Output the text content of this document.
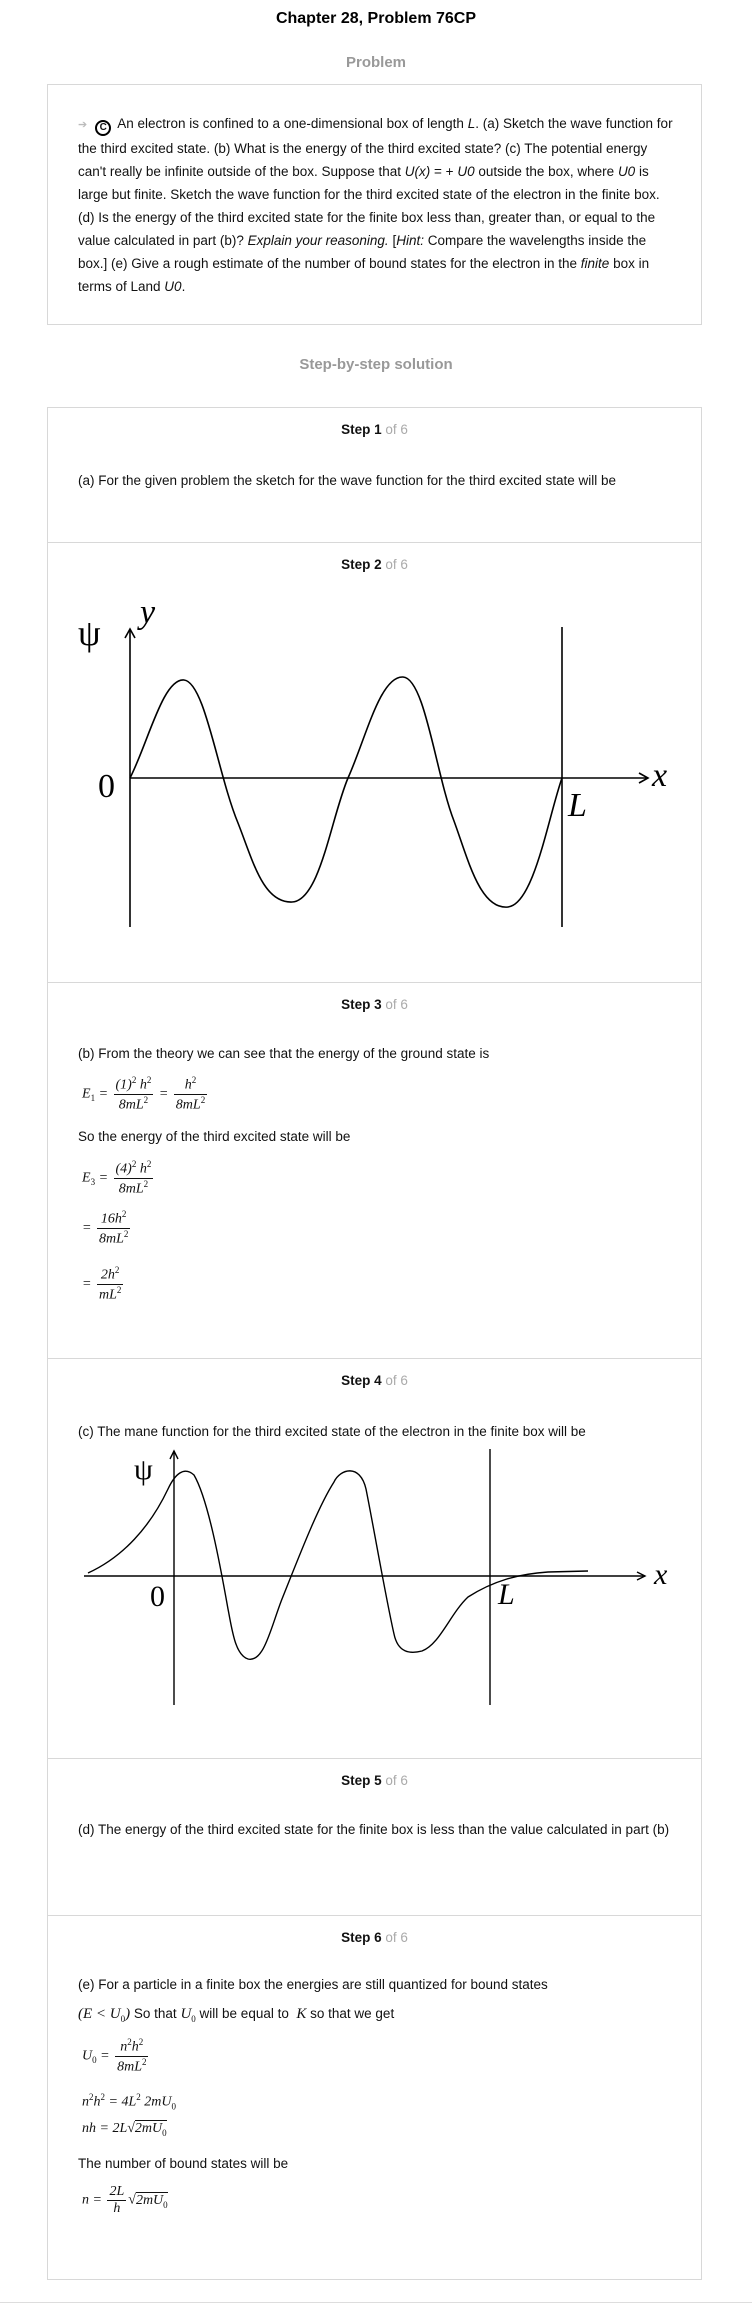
Chapter 28, Problem 76CP
Problem
➔ C An electron is confined to a one-dimensional box of length L. (a) Sketch the wave function for the third excited state. (b) What is the energy of the third excited state? (c) The potential energy can't really be infinite outside of the box. Suppose that U(x) = + U0 outside the box, where U0 is large but finite. Sketch the wave function for the third excited state of the electron in the finite box. (d) Is the energy of the third excited state for the finite box less than, greater than, or equal to the value calculated in part (b)? Explain your reasoning. [Hint: Compare the wavelengths inside the box.] (e) Give a rough estimate of the number of bound states for the electron in the finite box in terms of Land U0.
Step-by-step solution
Step 1 of 6
(a) For the given problem the sketch for the wave function for the third excited state will be
Step 2 of 6
ψ
y
0	x
L
Step 3 of 6
(b) From the theory we can see that the energy of the ground state is
$E_1 = \frac{(1)^2 h^2}{8mL^2} = \frac{h^2}{8mL^2}$
So the energy of the third excited state will be
$E_3 = \frac{(4)^2 h^2}{8mL^2}$
= $\frac{16h^2}{8mL^2}$
= $\frac{2h^2}{mL^2}$
Step 4 of 6
(c) The mane function for the third excited state of the electron in the finite box will be
ψ
0
x
L
Step 5 of 6
(d) The energy of the third excited state for the finite box is less than the value calculated in part (b)
Step 6 of 6
(e) For a particle in a finite box the energies are still quantized for bound states
$(E < U_0)$ So that $U_0$ will be equal to  K so that we get
$U_0 = \frac{n^2h^2}{8mL^2}$
$n^2h^2 = 4L^2$ $2mU_0$
nh = $2L√2mU_0$
The number of bound states will be
$n = \frac{2L}{h} √2mU_0$
